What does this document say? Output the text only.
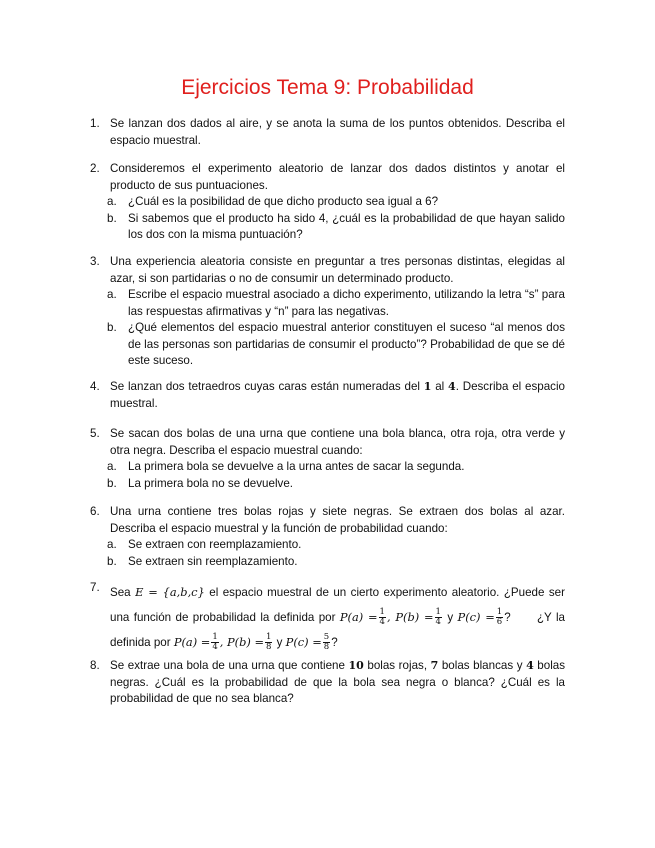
Ejercicios Tema 9: Probabilidad
1. Se lanzan dos dados al aire, y se anota la suma de los puntos obtenidos. Describa el espacio muestral.
2. Consideremos el experimento aleatorio de lanzar dos dados distintos y anotar el producto de sus puntuaciones.
a. ¿Cuál es la posibilidad de que dicho producto sea igual a 6?
b. Si sabemos que el producto ha sido 4, ¿cuál es la probabilidad de que hayan salido los dos con la misma puntuación?
3. Una experiencia aleatoria consiste en preguntar a tres personas distintas, elegidas al azar, si son partidarias o no de consumir un determinado producto.
a. Escribe el espacio muestral asociado a dicho experimento, utilizando la letra “s” para las respuestas afirmativas y “n” para las negativas.
b. ¿Qué elementos del espacio muestral anterior constituyen el suceso “al menos dos de las personas son partidarias de consumir el producto”? Probabilidad de que se dé este suceso.
4. Se lanzan dos tetraedros cuyas caras están numeradas del 1 al 4. Describa el espacio muestral.
5. Se sacan dos bolas de una urna que contiene una bola blanca, otra roja, otra verde y otra negra. Describa el espacio muestral cuando:
a. La primera bola se devuelve a la urna antes de sacar la segunda.
b. La primera bola no se devuelve.
6. Una urna contiene tres bolas rojas y siete negras. Se extraen dos bolas al azar. Describa el espacio muestral y la función de probabilidad cuando:
a. Se extraen con reemplazamiento.
b. Se extraen sin reemplazamiento.
7. Sea E = {a,b,c} el espacio muestral de un cierto experimento aleatorio. ¿Puede ser una función de probabilidad la definida por $P(a) = \frac{1}{4}$ , $P(b) = \frac{1}{4}$ y $P(c) = \frac{1}{6}$ ? ¿Y la definida por $P(a) = \frac{1}{4}$ , $P(b) = \frac{1}{8}$ y $P(c) = \frac{5}{8}$ ?
8. Se extrae una bola de una urna que contiene 10 bolas rojas, 7 bolas blancas y 4 bolas negras. ¿Cuál es la probabilidad de que la bola sea negra o blanca? ¿Cuál es la probabilidad de que no sea blanca?
